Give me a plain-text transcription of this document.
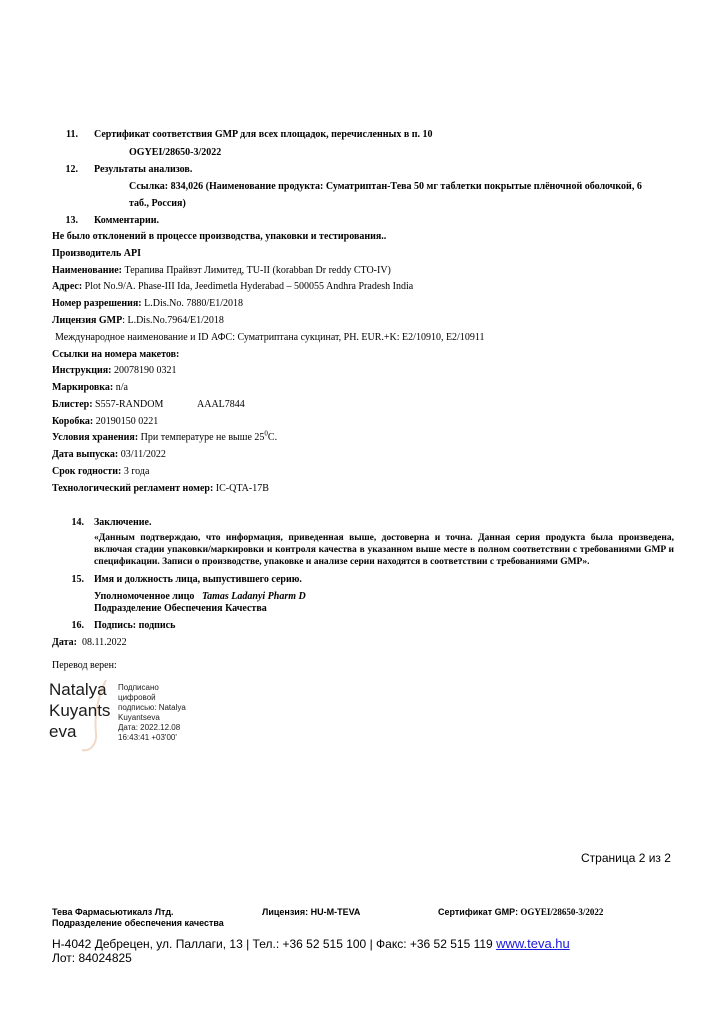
11. Сертификат соответствия GMP для всех площадок, перечисленных в п. 10
OGYEI/28650-3/2022
12. Результаты анализов.
Ссылка: 834,026 (Наименование продукта: Суматриптан-Тева 50 мг таблетки покрытые плёночной оболочкой, 6
таб., Россия)
13. Комментарии.
Не было отклонений в процессе производства, упаковки и тестирования..
Производитель API
Наименование: Терапива Прайвэт Лимитед, TU-II (korabban Dr reddy CTO-IV)
Адрес: Plot No.9/A. Phase-III Ida, Jeedimetla Hyderabad – 500055 Andhra Pradesh India
Номер разрешения: L.Dis.No. 7880/E1/2018
Лицензия GMP: L.Dis.No.7964/E1/2018
Международное наименование и ID АФС: Суматриптана сукцинат, PH. EUR.+K: E2/10910, E2/10911
Ссылки на номера макетов:
Инструкция: 20078190 0321
Маркировка: n/a
Блистер: S557-RANDOM	AAAL7844
Коробка: 20190150 0221
Условия хранения: При температуре не выше $25^0C$.
Дата выпуска: 03/11/2022
Срок годности: 3 года
Технологический регламент номер: IC-QTA-17B
14. Заключение.
«Данным подтверждаю, что информация, приведенная выше, достоверна и точна. Данная серия продукта была произведена, включая стадии упаковки/маркировки и контроля качества в указанном выше месте в полном соответствии с требованиями GMP и спецификации. Записи о производстве, упаковке и анализе серии находятся в соответствии с требованиями GMP».
15. Имя и должность лица, выпустившего серию.
Уполномоченное лицо Tamas Ladanyi Pharm D
Подразделение Обеспечения Качества
16. Подпись: подпись
Дата: 08.11.2022
Перевод верен:
Natalya
Kuyants
eva
Подписано
цифровой
подписью: Natalya
Kuyantseva
Дата: 2022.12.08
16:43:41 +03'00'
Страница 2 из 2
Тева Фармасьютикалз Лтд.
Подразделение обеспечения качества
Лицензия: HU-M-TEVA	Сертификат GMP: OGYEI/28650-3/2022
H-4042 Дебрецен, ул. Паллаги, 13 | Тел.: +36 52 515 100 | Факс: +36 52 515 119 www.teva.hu
Лот: 84024825
